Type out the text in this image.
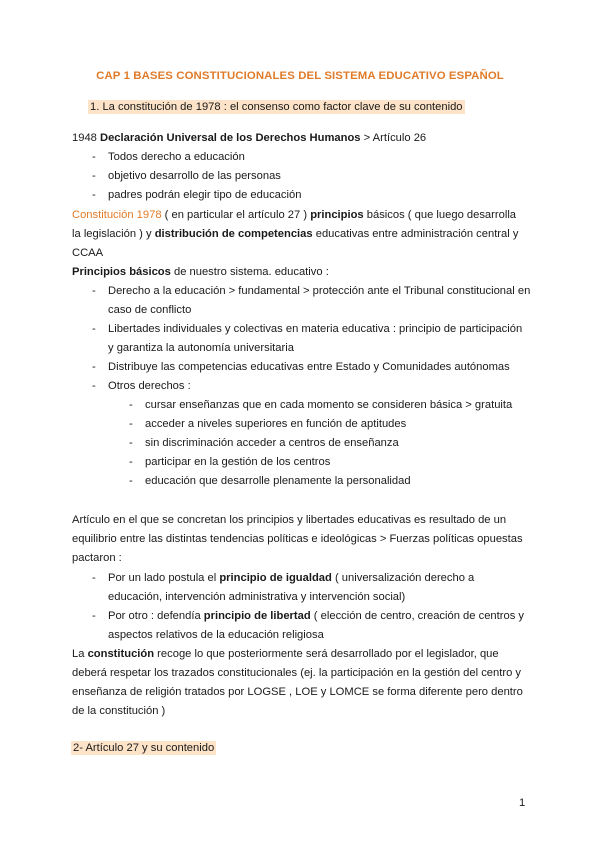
CAP 1 BASES CONSTITUCIONALES DEL SISTEMA EDUCATIVO ESPAÑOL
1. La constitución de 1978 : el consenso como factor clave de su contenido
1948 Declaración Universal de los Derechos Humanos > Artículo 26
- Todos derecho a educación
- objetivo desarrollo de las personas
- padres podrán elegir tipo de educación
Constitución 1978 ( en particular el artículo 27 ) principios básicos ( que luego desarrolla
la legislación ) y distribución de competencias educativas entre administración central y
CCAA
Principios básicos de nuestro sistema. educativo :
- Derecho a la educación > fundamental > protección ante el Tribunal constitucional en
caso de conflicto
- Libertades individuales y colectivas en materia educativa : principio de participación
y garantiza la autonomía universitaria
- Distribuye las competencias educativas entre Estado y Comunidades autónomas
- Otros derechos :
- cursar enseñanzas que en cada momento se consideren básica > gratuita
- acceder a niveles superiores en función de aptitudes
- sin discriminación acceder a centros de enseñanza
- participar en la gestión de los centros
- educación que desarrolle plenamente la personalidad
Artículo en el que se concretan los principios y libertades educativas es resultado de un
equilibrio entre las distintas tendencias políticas e ideológicas > Fuerzas políticas opuestas
pactaron :
- Por un lado postula el principio de igualdad ( universalización derecho a
educación, intervención administrativa y intervención social)
- Por otro : defendía principio de libertad ( elección de centro, creación de centros y
aspectos relativos de la educación religiosa
La constitución recoge lo que posteriormente será desarrollado por el legislador, que
deberá respetar los trazados constitucionales (ej. la participación en la gestión del centro y
enseñanza de religión tratados por LOGSE , LOE y LOMCE se forma diferente pero dentro
de la constitución )
2- Artículo 27 y su contenido
1
